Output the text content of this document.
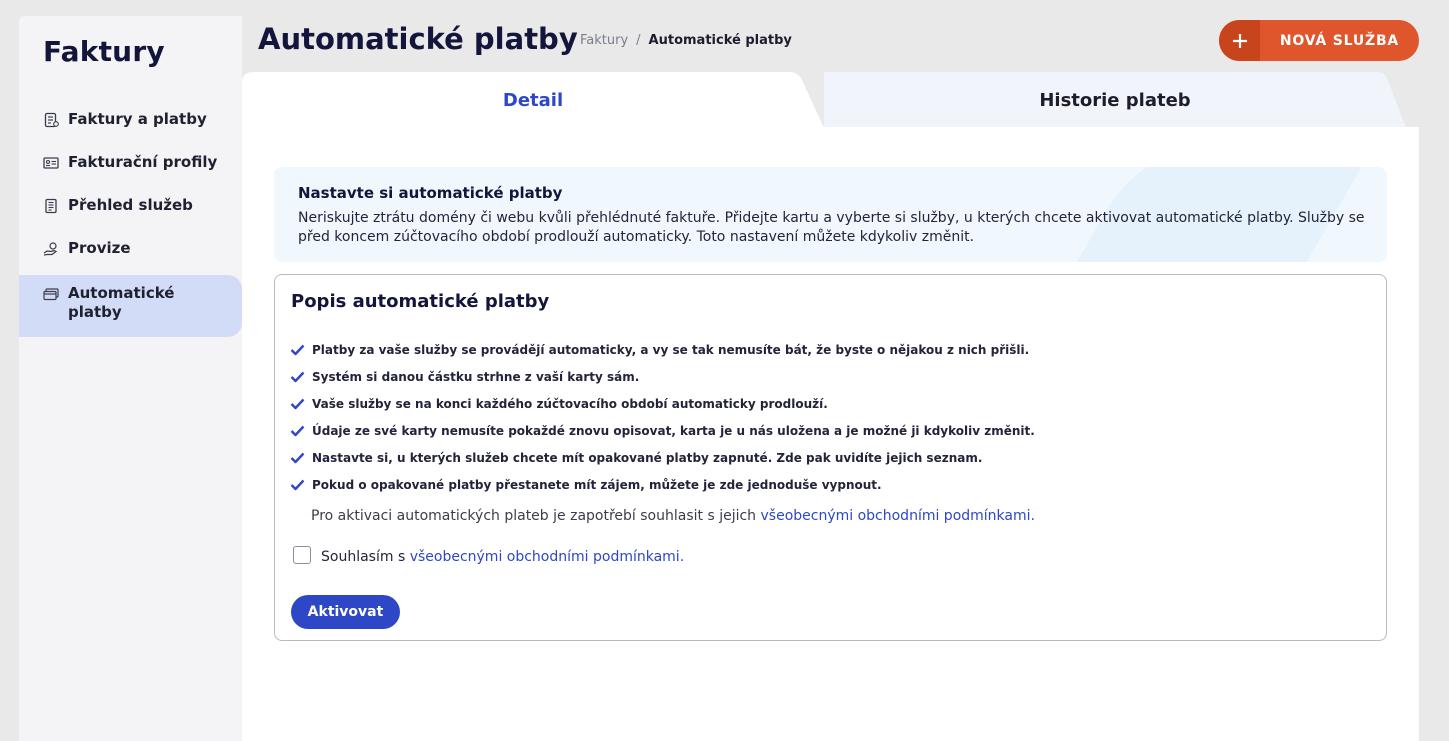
Faktury
Faktury a platby
Fakturační profily
Přehled služeb
Provize
Automatické platby
Automatické platby Faktury / Automatické platby	NOVÁ SLUŽBA
Detail	Historie plateb
Nastavte si automatické platby

Neriskujte ztrátu domény či webu kvůli přehlédnuté faktuře. Přidejte kartu a vyberte si služby, u kterých chcete aktivovat automatické platby. Služby se před koncem zúčtovacího období prodlouží automaticky. Toto nastavení můžete kdykoliv změnit.

Popis automatické platby
Platby za vaše služby se provádějí automaticky, a vy se tak nemusíte bát, že byste o nějakou z nich přišli.
Systém si danou částku strhne z vaší karty sám.
Vaše služby se na konci každého zúčtovacího období automaticky prodlouží.
Údaje ze své karty nemusíte pokaždé znovu opisovat, karta je u nás uložena a je možné ji kdykoliv změnit.
Nastavte si, u kterých služeb chcete mít opakované platby zapnuté. Zde pak uvidíte jejich seznam.
Pokud o opakované platby přestanete mít zájem, můžete je zde jednoduše vypnout.

Pro aktivaci automatických plateb je zapotřebí souhlasit s jejich všeobecnými obchodními podmínkami.

Souhlasím s
všeobecnými obchodními podmínkami.
Aktivovat
